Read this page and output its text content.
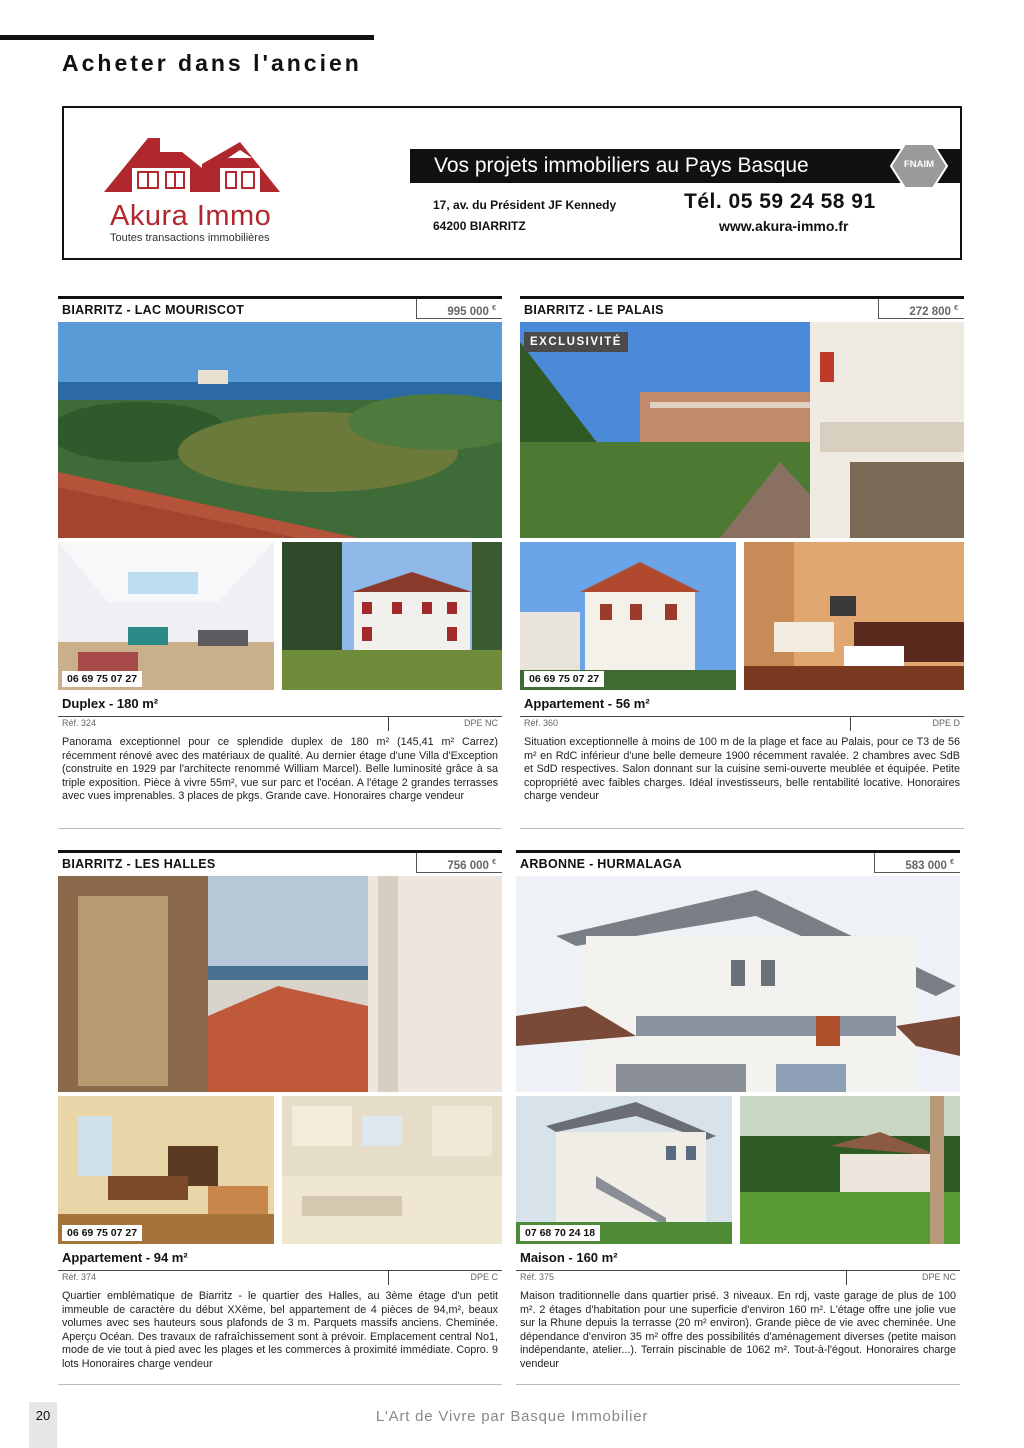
Acheter dans l'ancien
Akura Immo
Toutes transactions immobilières
Vos projets immobiliers au Pays Basque	FNAIM
17, av. du Président JF Kennedy
64200 BIARRITZ
Tél. 05 59 24 58 91
www.akura-immo.fr
BIARRITZ - LAC MOURISCOT	995 000 €
06 69 75 07 27
Duplex - 180 m²
Réf. 324	DPE NC
Panorama exceptionnel pour ce splendide duplex de 180 m² (145,41 m² Carrez) récemment rénové avec des matériaux de qualité. Au dernier étage d'une Villa d'Exception (construite en 1929 par l'architecte renommé William Marcel). Belle luminosité grâce à sa triple exposition. Pièce à vivre 55m², vue sur parc et l'océan. A l'étage 2 grandes terrasses avec vues imprenables. 3 places de pkgs. Grande cave. Honoraires charge vendeur
BIARRITZ - LE PALAIS	272 800 €
EXCLUSIVITÉ
06 69 75 07 27
Appartement - 56 m²
Réf. 360	DPE D
Situation exceptionnelle à moins de 100 m de la plage et face au Palais, pour ce T3 de 56 m² en RdC inférieur d'une belle demeure 1900 récemment ravalée. 2 chambres avec SdB et SdD respectives. Salon donnant sur la cuisine semi-ouverte meublée et équipée. Petite copropriété avec faibles charges. Idéal investisseurs, belle rentabilité locative. Honoraires charge vendeur
BIARRITZ - LES HALLES	756 000 €
06 69 75 07 27
Appartement - 94 m²
Réf. 374	DPE C
Quartier emblématique de Biarritz - le quartier des Halles, au 3ème étage d'un petit immeuble de caractère du début XXème, bel appartement de 4 pièces de 94,m², beaux volumes avec ses hauteurs sous plafonds de 3 m. Parquets massifs anciens. Cheminée. Aperçu Océan. Des travaux de rafraîchissement sont à prévoir. Emplacement central No1, mode de vie tout à pied avec les plages et les commerces à proximité immédiate. Copro. 9 lots Honoraires charge vendeur
ARBONNE - HURMALAGA	583 000 €
07 68 70 24 18
Maison - 160 m²
Réf. 375	DPE NC
Maison traditionnelle dans quartier prisé. 3 niveaux. En rdj, vaste garage de plus de 100 m². 2 étages d'habitation pour une superficie d'environ 160 m². L'étage offre une jolie vue sur la Rhune depuis la terrasse (20 m² environ). Grande pièce de vie avec cheminée. Une dépendance d'environ 35 m² offre des possibilités d'aménagement diverses (petite maison indépendante, atelier...). Terrain piscinable de 1062 m². Tout-à-l'égout. Honoraires charge vendeur
20	L'Art de Vivre par Basque Immobilier
